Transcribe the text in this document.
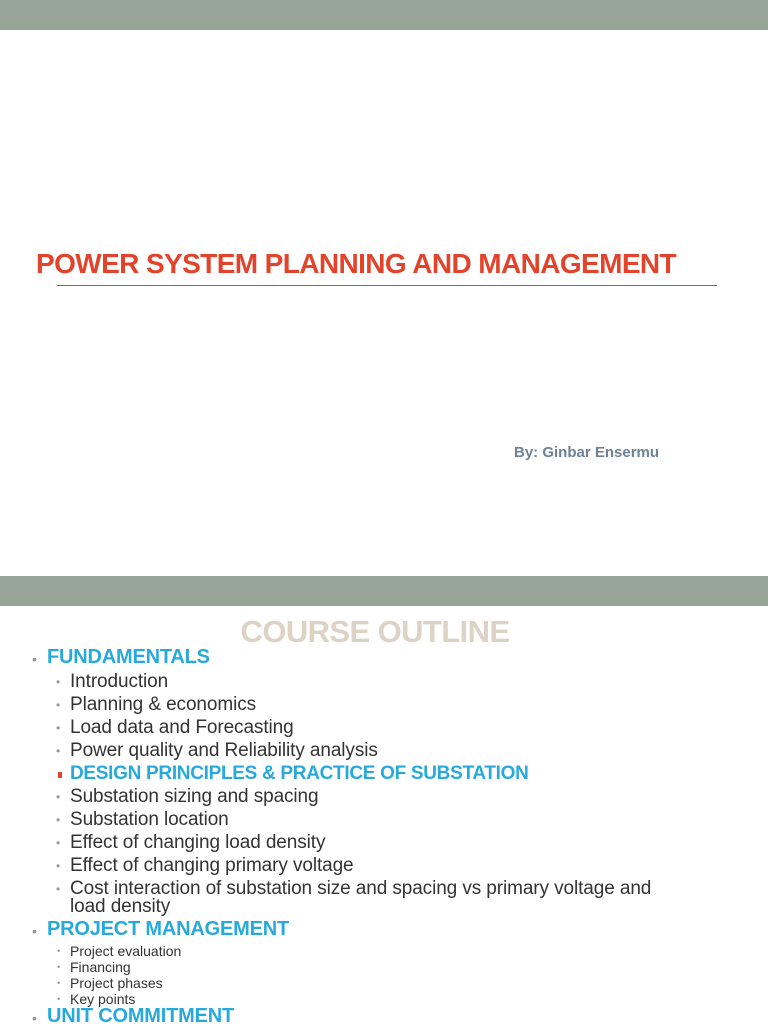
POWER SYSTEM PLANNING AND MANAGEMENT
By: Ginbar Ensermu
COURSE OUTLINE
• FUNDAMENTALS
• Introduction
• Planning & economics
• Load data and Forecasting
• Power quality and Reliability analysis
DESIGN PRINCIPLES & PRACTICE OF SUBSTATION
• Substation sizing and spacing
• Substation location
• Effect of changing load density
• Effect of changing primary voltage
• Cost interaction of substation size and spacing vs primary voltage and
load density
• PROJECT MANAGEMENT
• Project evaluation
• Financing
• Project phases
• Key points
• UNIT COMMITMENT
